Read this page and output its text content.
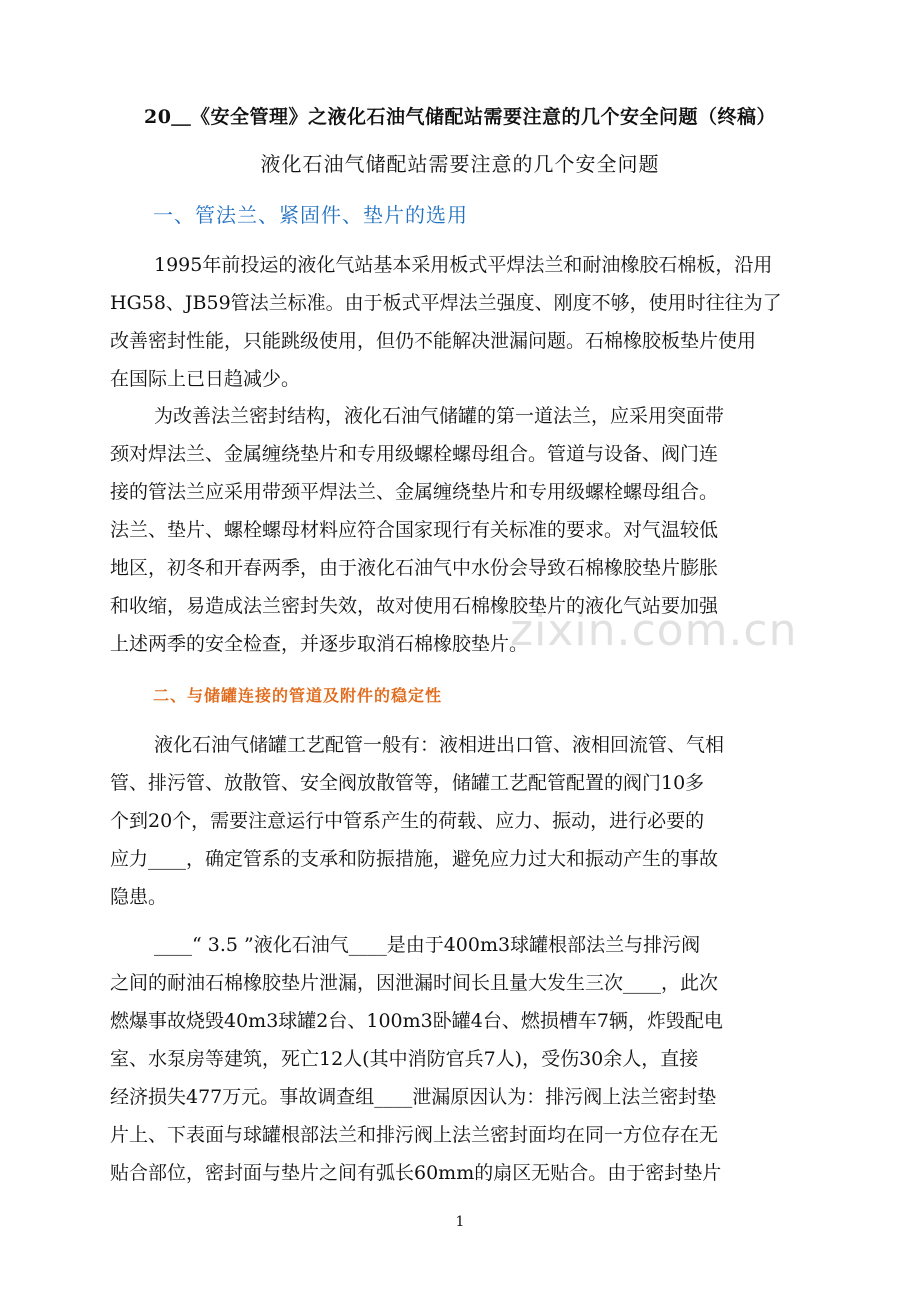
20＿《安全管理》之液化石油气储配站需要注意的几个安全问题（终稿）
液化石油气储配站需要注意的几个安全问题
一、管法兰、紧固件、垫片的选用
1995年前投运的液化气站基本采用板式平焊法兰和耐油橡胶石棉板，沿用
HG58、JB59管法兰标准。由于板式平焊法兰强度、刚度不够，使用时往往为了
改善密封性能，只能跳级使用，但仍不能解决泄漏问题。石棉橡胶板垫片使用
在国际上已日趋减少。
为改善法兰密封结构，液化石油气储罐的第一道法兰，应采用突面带
颈对焊法兰、金属缠绕垫片和专用级螺栓螺母组合。管道与设备、阀门连
接的管法兰应采用带颈平焊法兰、金属缠绕垫片和专用级螺栓螺母组合。
法兰、垫片、螺栓螺母材料应符合国家现行有关标准的要求。对气温较低
地区，初冬和开春两季，由于液化石油气中水份会导致石棉橡胶垫片膨胀
和收缩，易造成法兰密封失效，故对使用石棉橡胶垫片的液化气站要加强
上述两季的安全检查，并逐步取消石棉橡胶垫片。
二、与储罐连接的管道及附件的稳定性
液化石油气储罐工艺配管一般有：液相进出口管、液相回流管、气相
管、排污管、放散管、安全阀放散管等，储罐工艺配管配置的阀门10多
个到20个，需要注意运行中管系产生的荷载、应力、振动，进行必要的
应力____，确定管系的支承和防振措施，避免应力过大和振动产生的事故
隐患。
____“ 3.5 ”液化石油气____是由于400m3球罐根部法兰与排污阀
之间的耐油石棉橡胶垫片泄漏，因泄漏时间长且量大发生三次____，此次
燃爆事故烧毁40m3球罐2台、100m3卧罐4台、燃损槽车7辆，炸毁配电
室、水泵房等建筑，死亡12人(其中消防官兵7人)，受伤30余人，直接
经济损失477万元。事故调查组____泄漏原因认为：排污阀上法兰密封垫
片上、下表面与球罐根部法兰和排污阀上法兰密封面均在同一方位存在无
贴合部位，密封面与垫片之间有弧长60mm的扇区无贴合。由于密封垫片
zixin.com.cn
1
